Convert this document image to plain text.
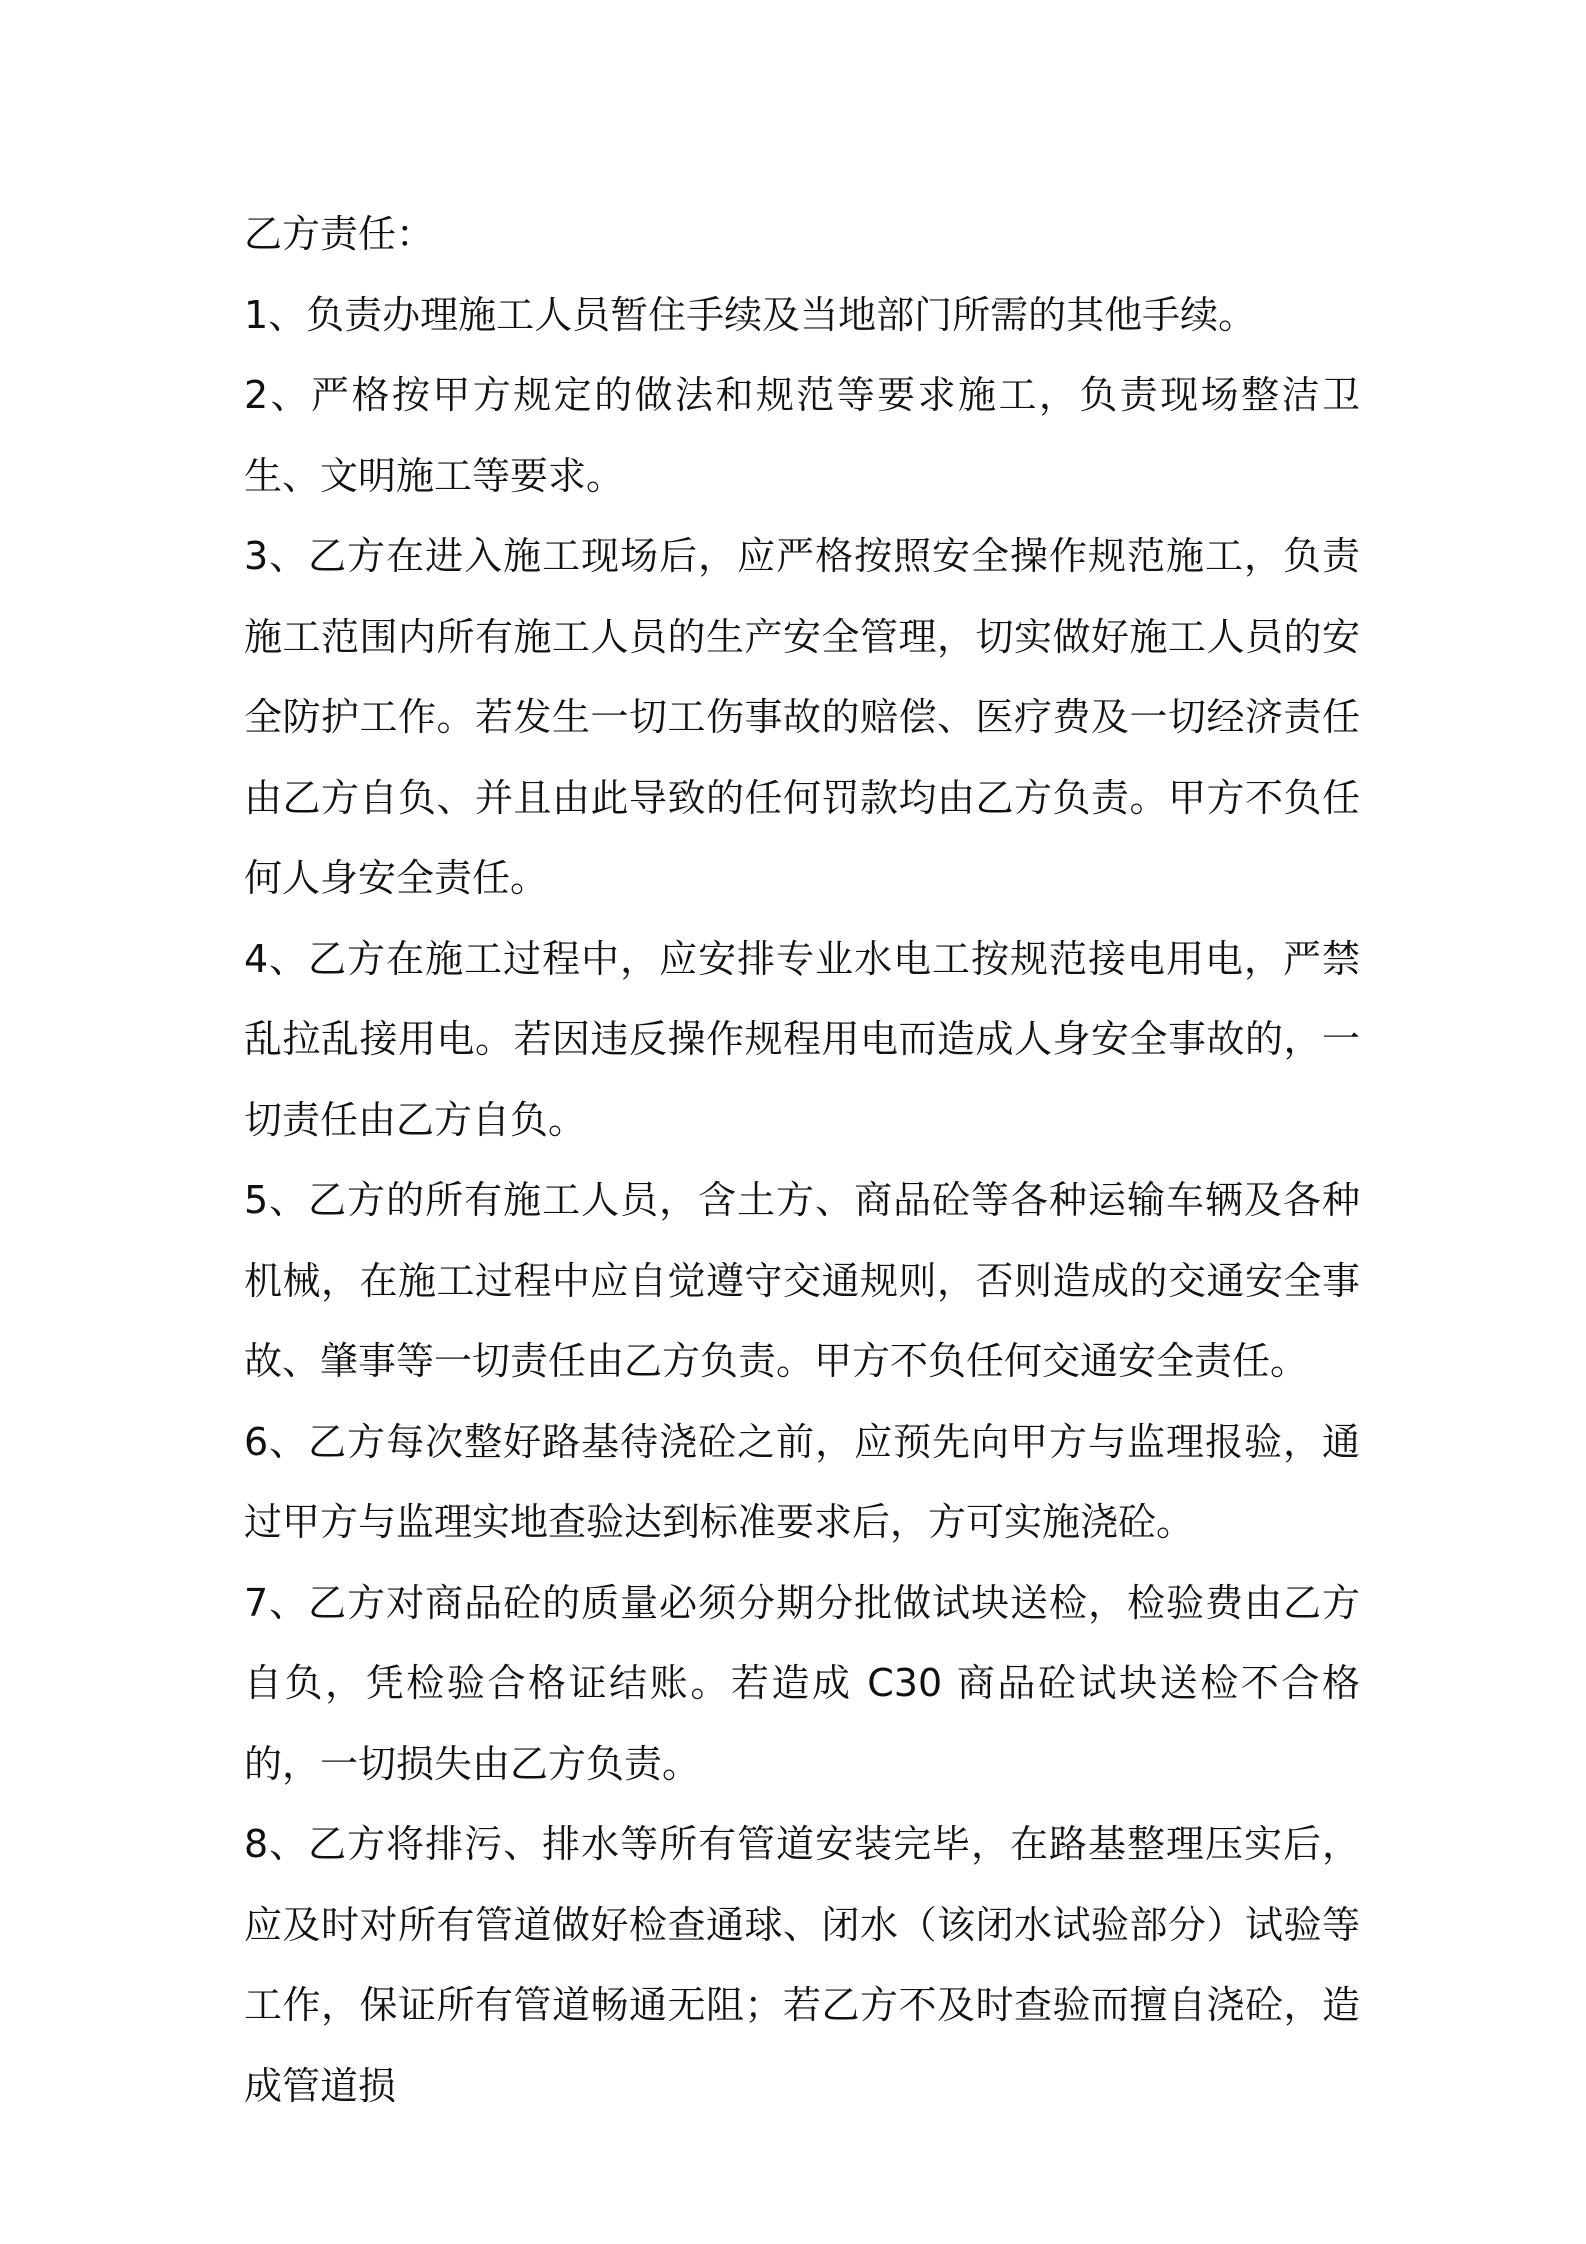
乙方责任：

1、负责办理施工人员暂住手续及当地部门所需的其他手续。

2、严格按甲方规定的做法和规范等要求施工，负责现场整洁卫生、文明施工等要求。

3、乙方在进入施工现场后，应严格按照安全操作规范施工，负责施工范围内所有施工人员的生产安全管理，切实做好施工人员的安全防护工作。若发生一切工伤事故的赔偿、医疗费及一切经济责任由乙方自负、并且由此导致的任何罚款均由乙方负责。甲方不负任何人身安全责任。

4、乙方在施工过程中，应安排专业水电工按规范接电用电，严禁乱拉乱接用电。若因违反操作规程用电而造成人身安全事故的，一切责任由乙方自负。

5、乙方的所有施工人员，含土方、商品砼等各种运输车辆及各种机械，在施工过程中应自觉遵守交通规则，否则造成的交通安全事故、肇事等一切责任由乙方负责。甲方不负任何交通安全责任。

6、乙方每次整好路基待浇砼之前，应预先向甲方与监理报验，通过甲方与监理实地查验达到标准要求后，方可实施浇砼。

7、乙方对商品砼的质量必须分期分批做试块送检，检验费由乙方自负，凭检验合格证结账。若造成 C30 商品砼试块送检不合格的，一切损失由乙方负责。

8、乙方将排污、排水等所有管道安装完毕，在路基整理压实后，应及时对所有管道做好检查通球、闭水（该闭水试验部分）试验等工作，保证所有管道畅通无阻；若乙方不及时查验而擅自浇砼，造成管道损
